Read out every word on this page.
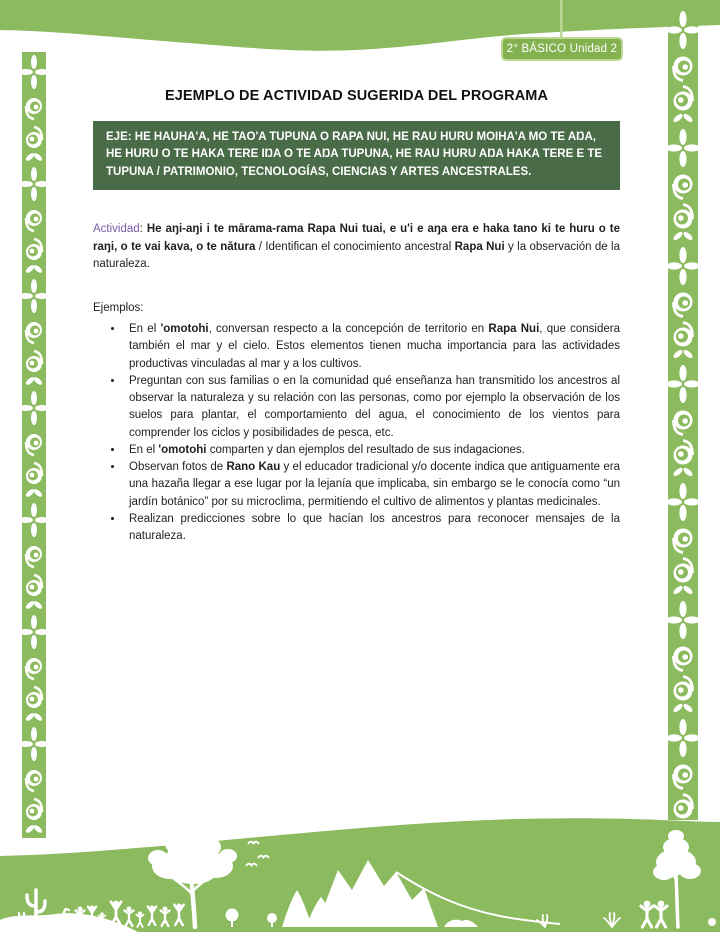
2° BÁSICO Unidad 2
EJEMPLO DE ACTIVIDAD SUGERIDA DEL PROGRAMA
EJE: HE HAUHA'A, HE TAO'A TUPUNA O RAPA NUI, HE RAU HURU MOIHA'A MO TE AŊA, HE HURU O TE HAKA TERE IŊA O TE AŊA TUPUNA, HE RAU HURU AŊA HAKA TERE E TE TUPUNA / PATRIMONIO, TECNOLOGÍAS, CIENCIAS Y ARTES ANCESTRALES.

Actividad: He aŋi-aŋi i te mārama-rama Rapa Nui tuai, e u'i e aŋa era e haka tano ki te huru o te raŋi, o te vai kava, o te nātura / Identifican el conocimiento ancestral Rapa Nui y la observación de la naturaleza.

Ejemplos:
• En el 'omotohi, conversan respecto a la concepción de territorio en Rapa Nui, que considera también el mar y el cielo. Estos elementos tienen mucha importancia para las actividades productivas vinculadas al mar y a los cultivos.
• Preguntan con sus familias o en la comunidad qué enseñanza han transmitido los ancestros al observar la naturaleza y su relación con las personas, como por ejemplo la observación de los suelos para plantar, el comportamiento del agua, el conocimiento de los vientos para comprender los ciclos y posibilidades de pesca, etc.
• En el 'omotohi comparten y dan ejemplos del resultado de sus indagaciones.
• Observan fotos de Rano Kau y el educador tradicional y/o docente indica que antiguamente era una hazaña llegar a ese lugar por la lejanía que implicaba, sin embargo se le conocía como “un jardín botánico” por su microclima, permitiendo el cultivo de alimentos y plantas medicinales.
• Realizan predicciones sobre lo que hacían los ancestros para reconocer mensajes de la naturaleza.
